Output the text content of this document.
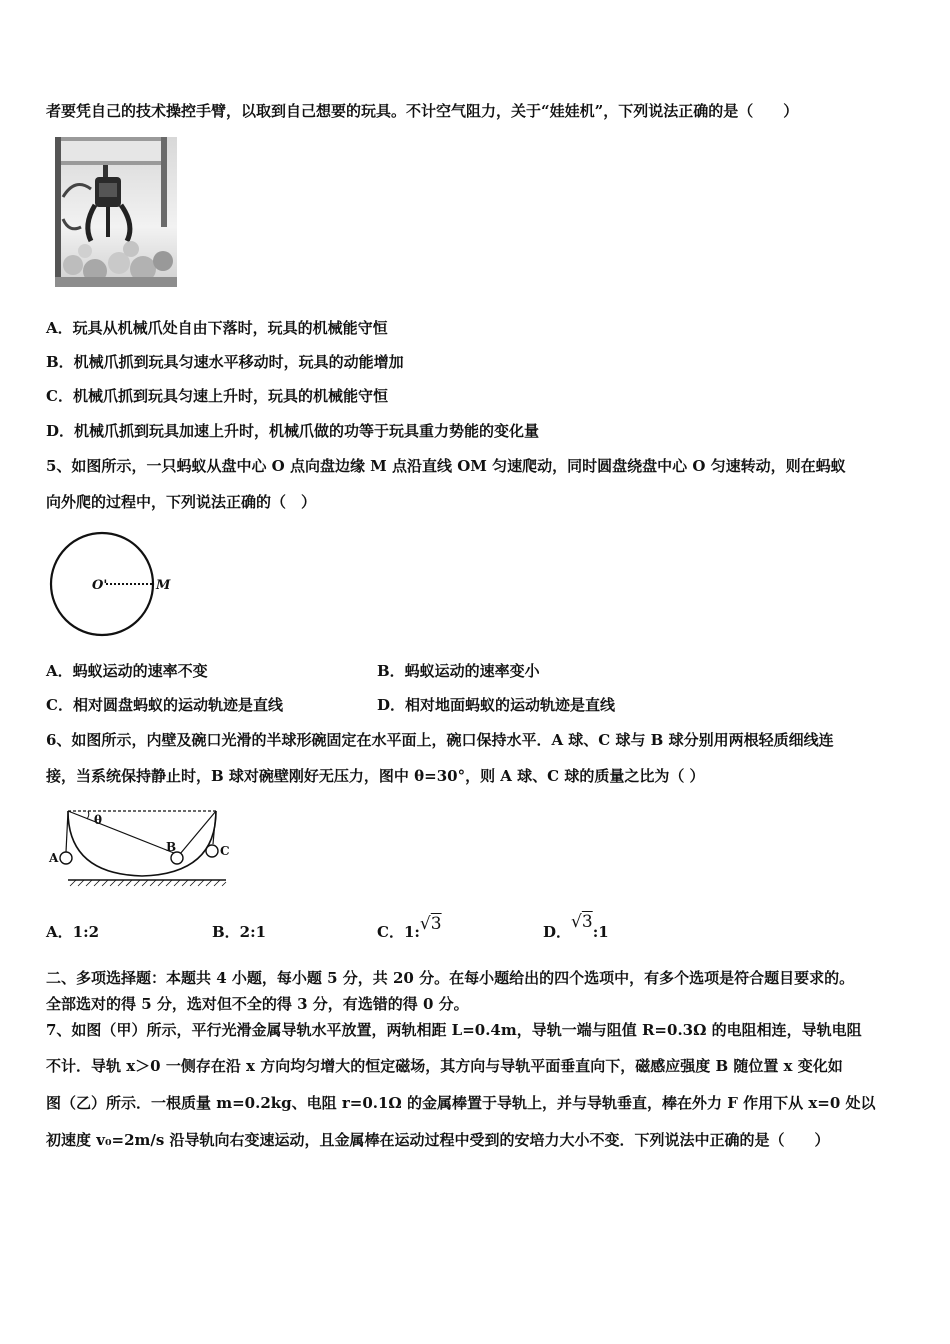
者要凭自己的技术操控手臂，以取到自己想要的玩具。不计空气阻力，关于“娃娃机”，下列说法正确的是（　　）
A．玩具从机械爪处自由下落时，玩具的机械能守恒
B．机械爪抓到玩具匀速水平移动时，玩具的动能增加
C．机械爪抓到玩具匀速上升时，玩具的机械能守恒
D．机械爪抓到玩具加速上升时，机械爪做的功等于玩具重力势能的变化量
5、如图所示，一只蚂蚁从盘中心 O 点向盘边缘 M 点沿直线 OM 匀速爬动，同时圆盘绕盘中心 O 匀速转动，则在蚂蚁
向外爬的过程中，下列说法正确的（　）
O'	M
A．蚂蚁运动的速率不变	B．蚂蚁运动的速率变小
C．相对圆盘蚂蚁的运动轨迹是直线	D．相对地面蚂蚁的运动轨迹是直线
6、如图所示，内壁及碗口光滑的半球形碗固定在水平面上，碗口保持水平．A 球、C 球与 B 球分别用两根轻质细线连
接，当系统保持静止时，B 球对碗壁刚好无压力，图中 θ=30°，则 A 球、C 球的质量之比为（ ）
θ
A
B	C
A．1:2	B．2:1	C．1:√3	D．√3:1
二、多项选择题：本题共 4 小题，每小题 5 分，共 20 分。在每小题给出的四个选项中，有多个选项是符合题目要求的。
全部选对的得 5 分，选对但不全的得 3 分，有选错的得 0 分。
7、如图（甲）所示，平行光滑金属导轨水平放置，两轨相距 L=0.4m，导轨一端与阻值 R=0.3Ω 的电阻相连，导轨电阻
不计．导轨 x＞0 一侧存在沿 x 方向均匀增大的恒定磁场，其方向与导轨平面垂直向下，磁感应强度 B 随位置 x 变化如
图（乙）所示．一根质量 m=0.2kg、电阻 r=0.1Ω 的金属棒置于导轨上，并与导轨垂直，棒在外力 F 作用下从 x=0 处以
初速度 v₀=2m/s 沿导轨向右变速运动，且金属棒在运动过程中受到的安培力大小不变．下列说法中正确的是（　　）
